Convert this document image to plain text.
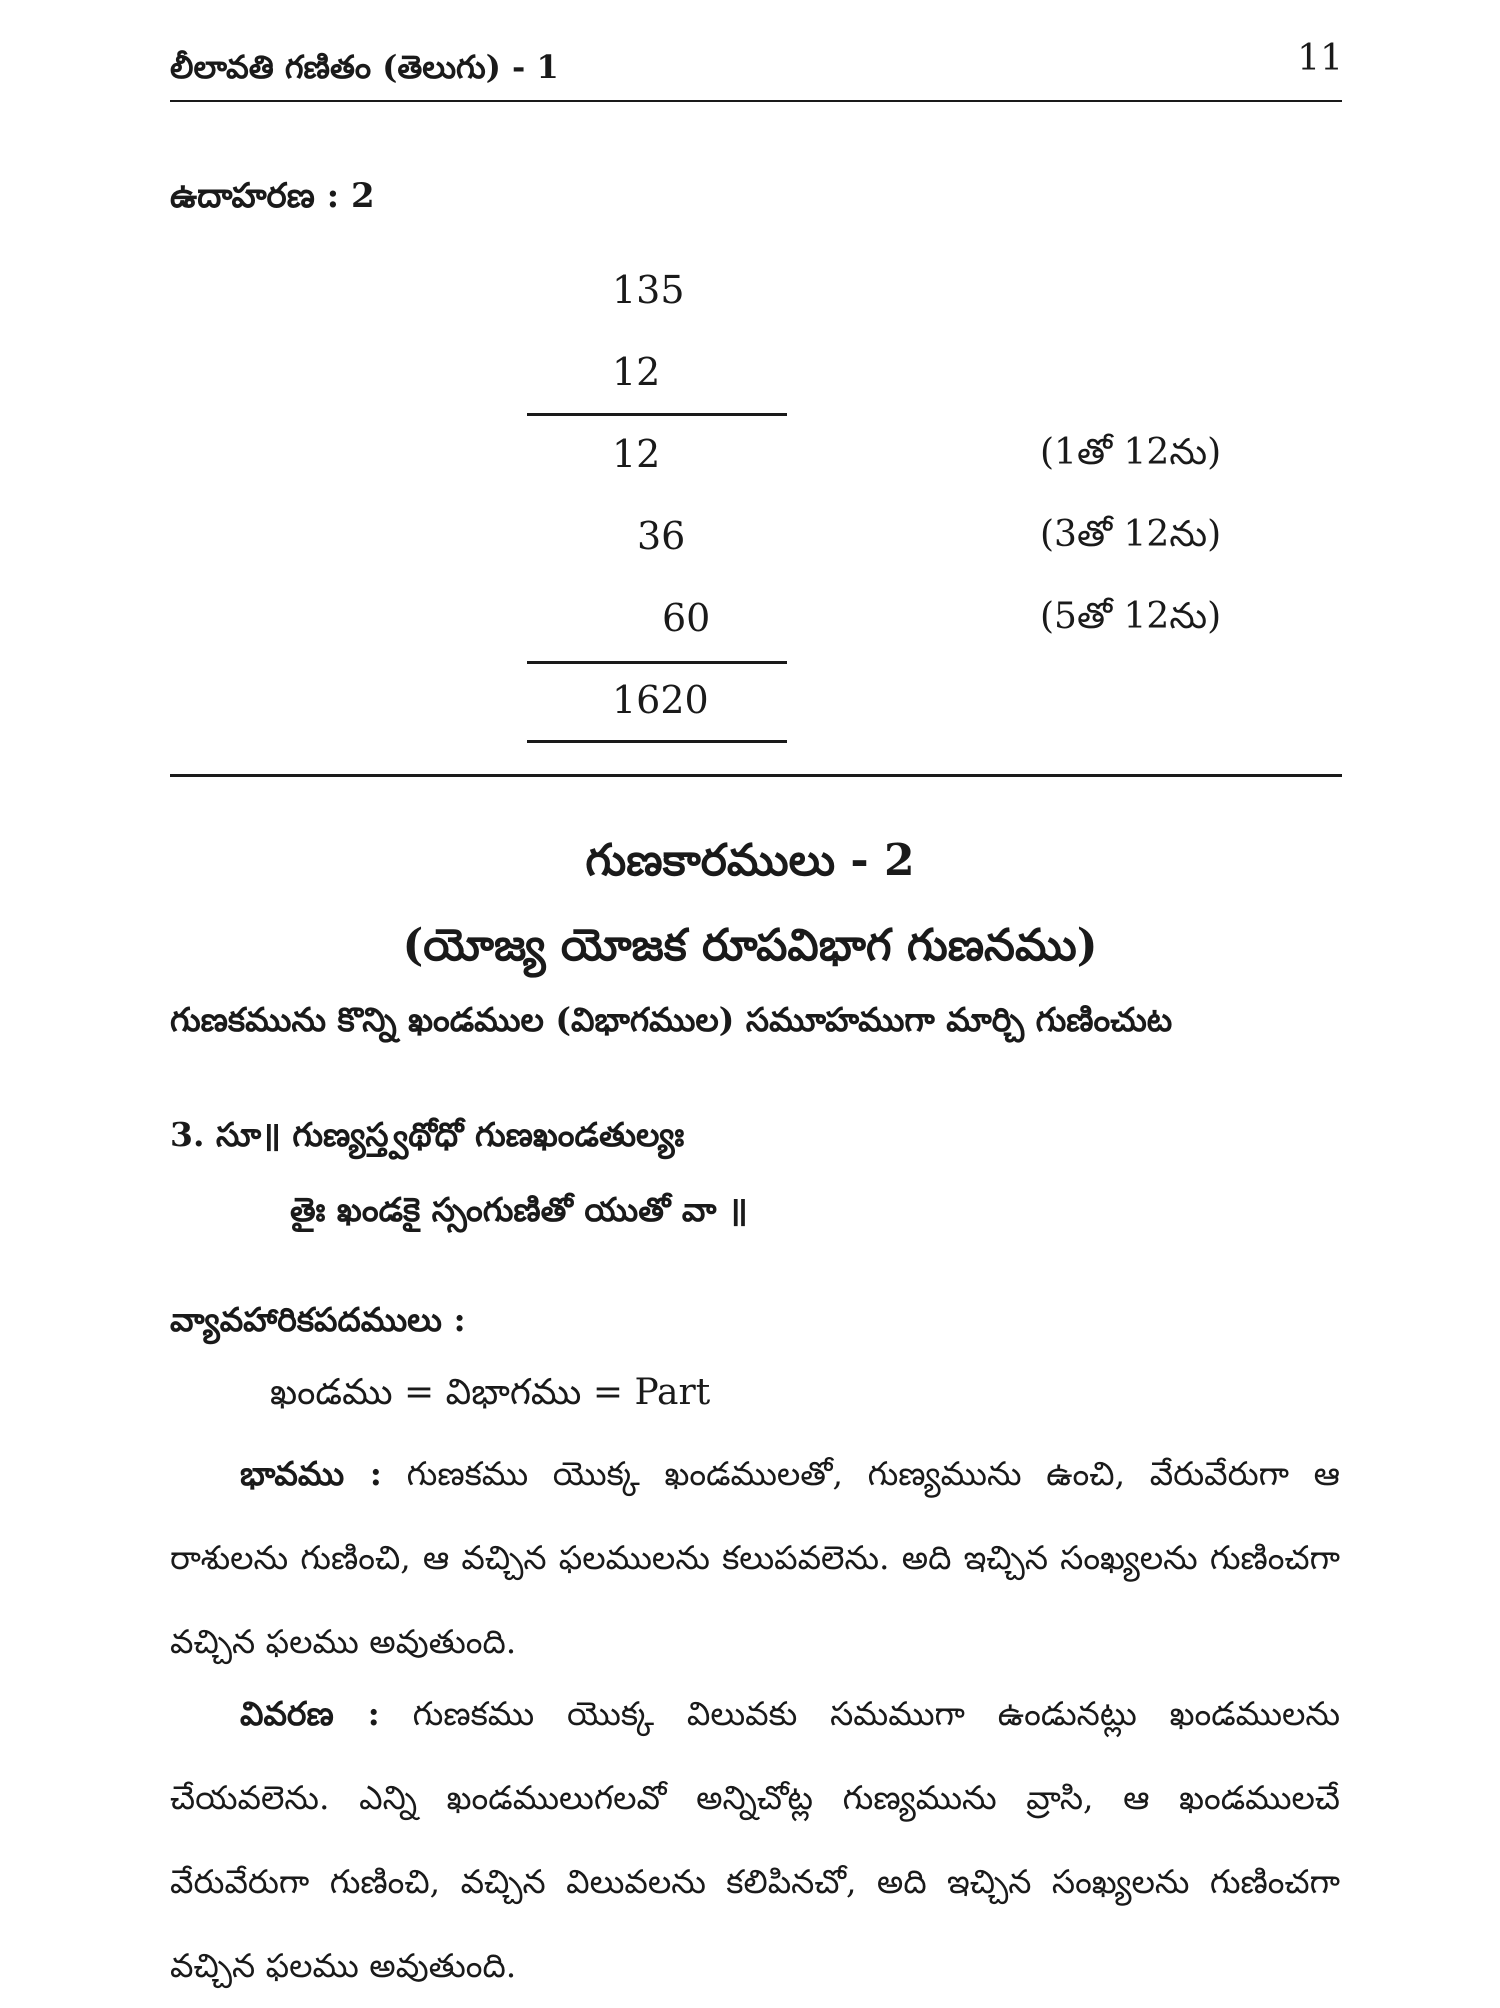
లీలావతి గణితం (తెలుగు) - 1	11
ఉదాహరణ : 2
135
12
12	(1తో 12ను)
36	(3తో 12ను)
60	(5తో 12ను)
1620
గుణకారములు - 2
(యోజ్య యోజక రూపవిభాగ గుణనము)
గుణకమును కొన్ని ఖండముల (విభాగముల) సమూహముగా మార్చి గుణించుట
3. సూ॥ గుణ్యస్త్వథోధో గుణఖండతుల్యః
తైః ఖండకై స్సంగుణితో యుతో వా ॥
వ్యావహారికపదములు :
ఖండము = విభాగము = Part
భావము : గుణకము యొక్క ఖండములతో, గుణ్యమును ఉంచి, వేరువేరుగా ఆ రాశులను గుణించి, ఆ వచ్చిన ఫలములను కలుపవలెను. అది ఇచ్చిన సంఖ్యలను గుణించగా వచ్చిన ఫలము అవుతుంది.
వివరణ : గుణకము యొక్క విలువకు సమముగా ఉండునట్లు ఖండములను చేయవలెను. ఎన్ని ఖండములుగలవో అన్నిచోట్ల గుణ్యమును వ్రాసి, ఆ ఖండములచే వేరువేరుగా గుణించి, వచ్చిన విలువలను కలిపినచో, అది ఇచ్చిన సంఖ్యలను గుణించగా వచ్చిన ఫలము అవుతుంది.
